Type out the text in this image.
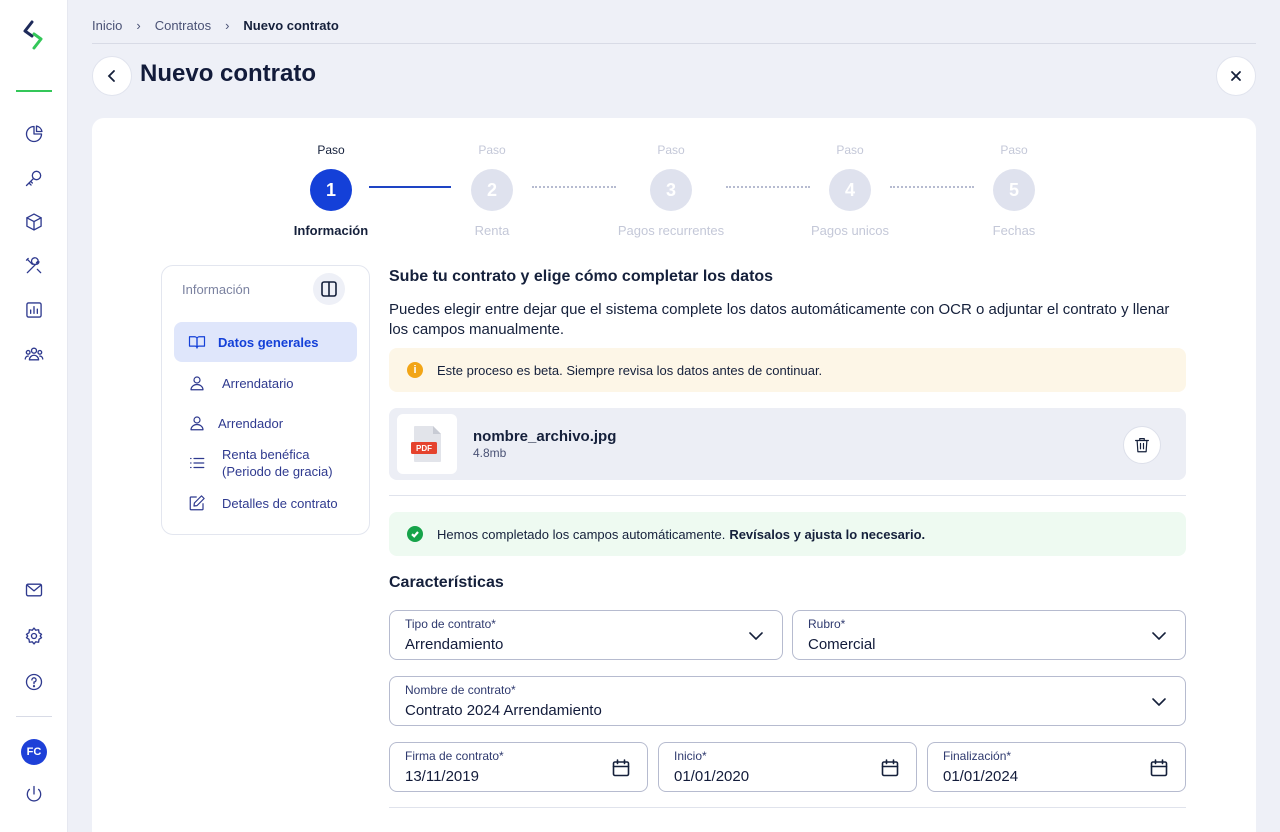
FC
Inicio › Contratos › Nuevo contrato
Nuevo contrato
Paso
1
Información
Paso
2
Renta
Paso
3
Pagos recurrentes
Paso
4
Pagos unicos
Paso
5
Fechas
Información
Datos generales
Arrendatario
Arrendador
Renta benéfica (Periodo de gracia)
Detalles de contrato
Sube tu contrato y elige cómo completar los datos

Puedes elegir entre dejar que el sistema complete los datos automáticamente con OCR o adjuntar el contrato y llenar los campos manualmente.

i	Este proceso es beta. Siempre revisa los datos antes de continuar.
PDF
nombre_archivo.jpg
4.8mb
Hemos completado los campos automáticamente. Revísalos y ajusta lo necesario.
Características
Tipo de contrato*
Arrendamiento
Rubro*
Comercial
Nombre de contrato*
Contrato 2024 Arrendamiento
Firma de contrato*
13/11/2019
Inicio*
01/01/2020
Finalización*
01/01/2024
